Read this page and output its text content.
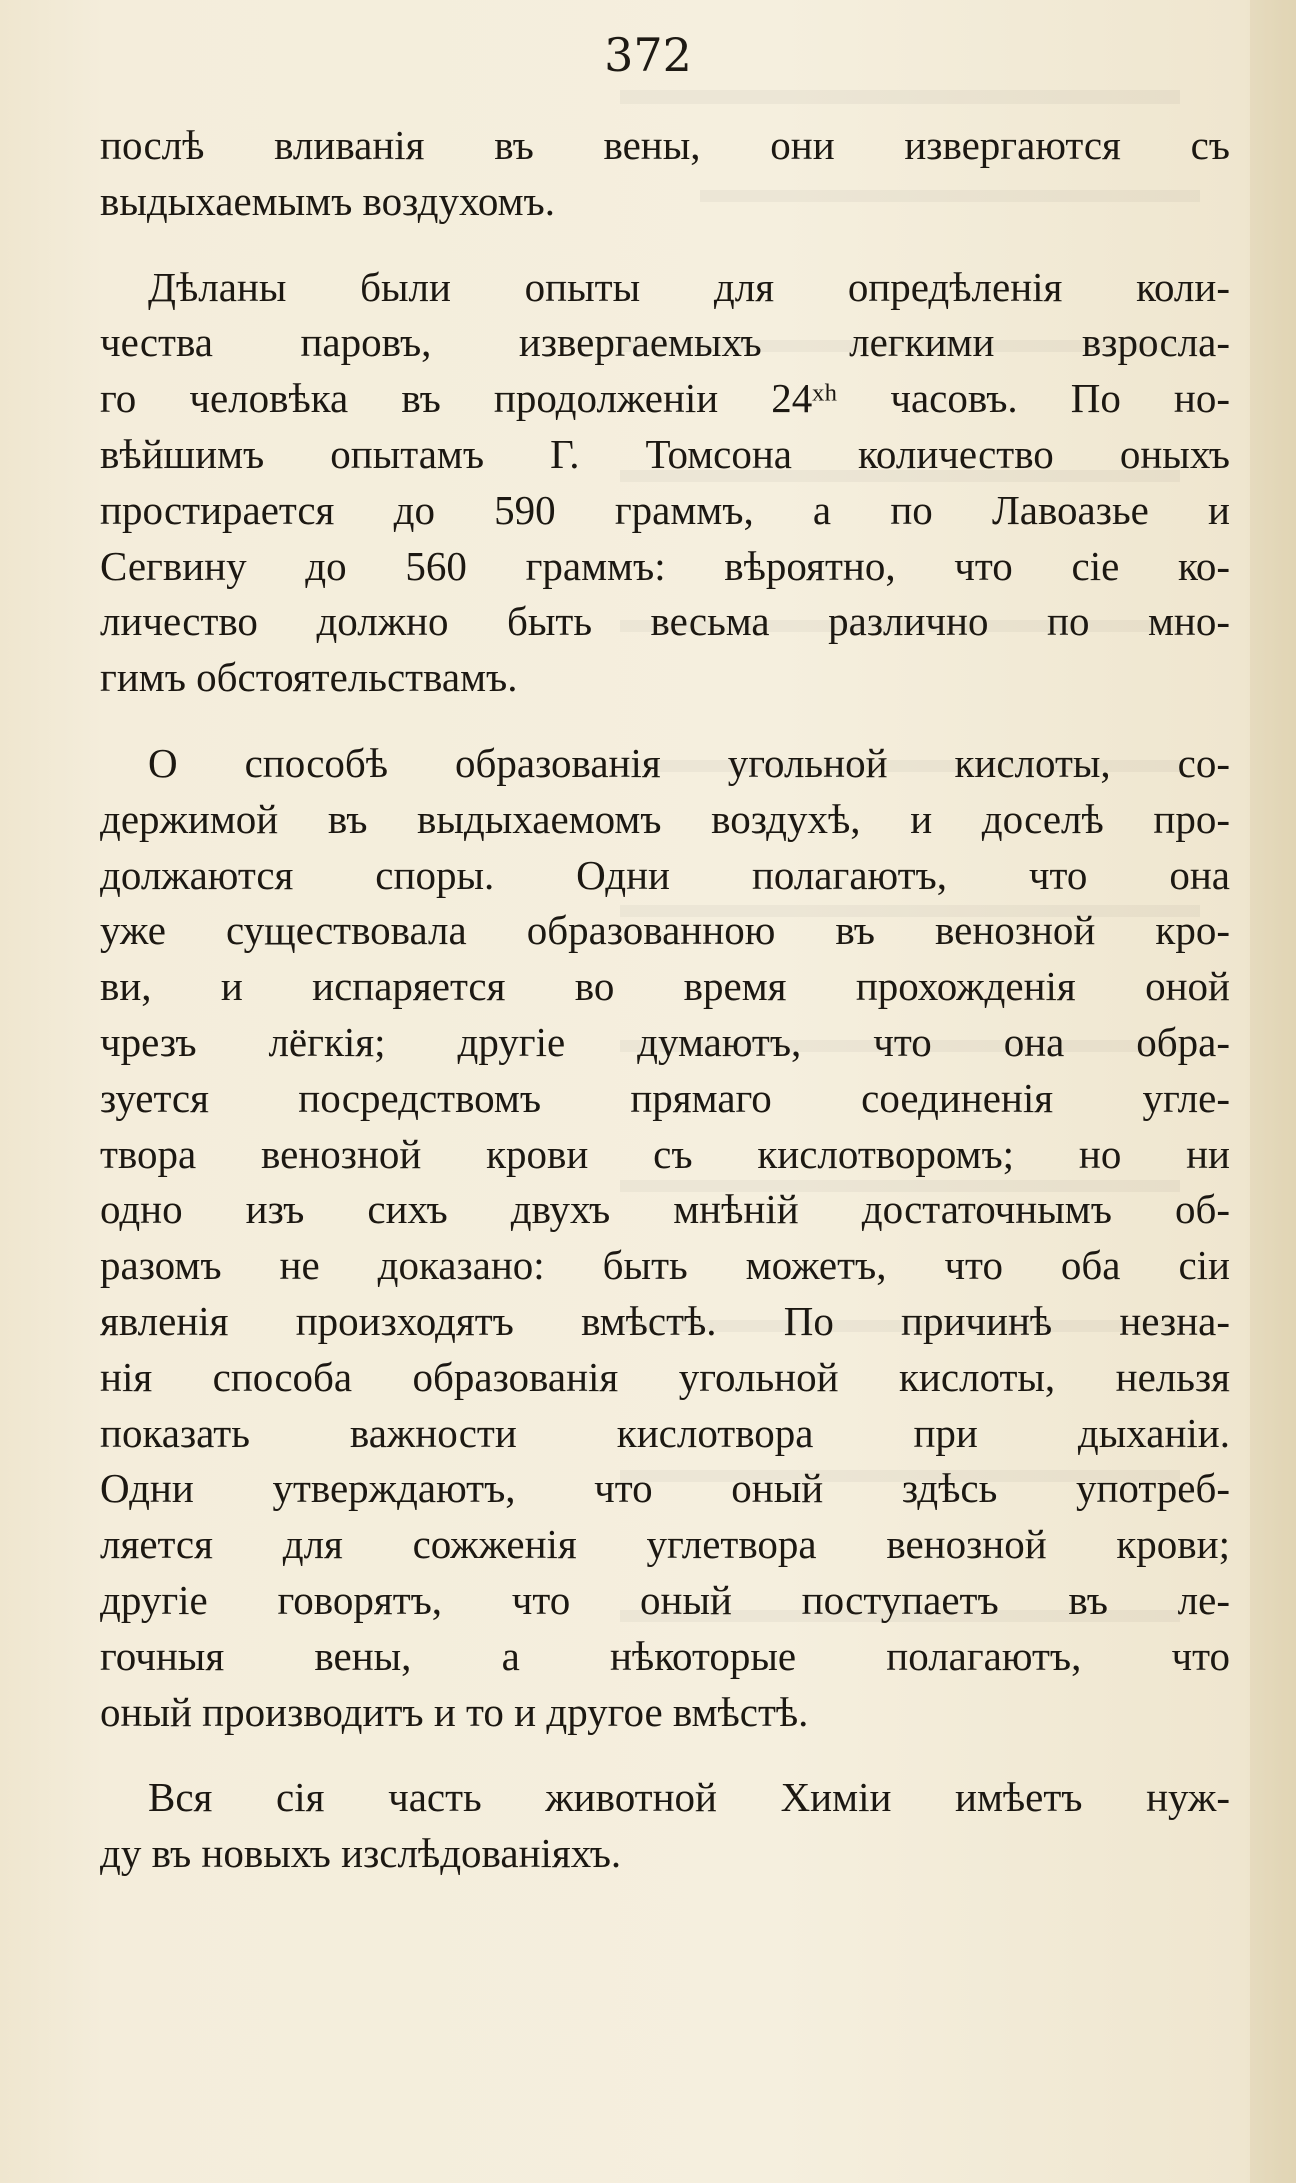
372
послѣ вливанія въ вены, они извергаются съ
выдыхаемымъ воздухомъ.
Дѣланы были опыты для опредѣленія коли-
чества паровъ, извергаемыхъ легкими взросла-
го человѣка въ продолженіи 24ˣʰ часовъ. По но-
вѣйшимъ опытамъ Г. Томсона количество оныхъ
простирается до 590 граммъ, а по Лавоазье и
Сегвину до 560 граммъ: вѣроятно, что сіе ко-
личество должно быть весьма различно по мно-
гимъ обстоятельствамъ.
О способѣ образованія угольной кислоты, со-
держимой въ выдыхаемомъ воздухѣ, и доселѣ про-
должаются споры. Одни полагаютъ, что она
уже существовала образованною въ венозной кро-
ви, и испаряется во время прохожденія оной
чрезъ лёгкія; другіе думаютъ, что она обра-
зуется посредствомъ прямаго соединенія угле-
твора венозной крови съ кислотворомъ; но ни
одно изъ сихъ двухъ мнѣній достаточнымъ об-
разомъ не доказано: быть можетъ, что оба сіи
явленія произходятъ вмѣстѣ. По причинѣ незна-
нія способа образованія угольной кислоты, нельзя
показать важности кислотвора при дыханіи.
Одни утверждаютъ, что оный здѣсь употреб-
ляется для сожженія углетвора венозной крови;
другіе говорятъ, что оный поступаетъ въ ле-
гочныя вены, а нѣкоторые полагаютъ, что
оный производитъ и то и другое вмѣстѣ.
Вся сія часть животной Химіи имѣетъ нуж-
ду въ новыхъ изслѣдованіяхъ.
